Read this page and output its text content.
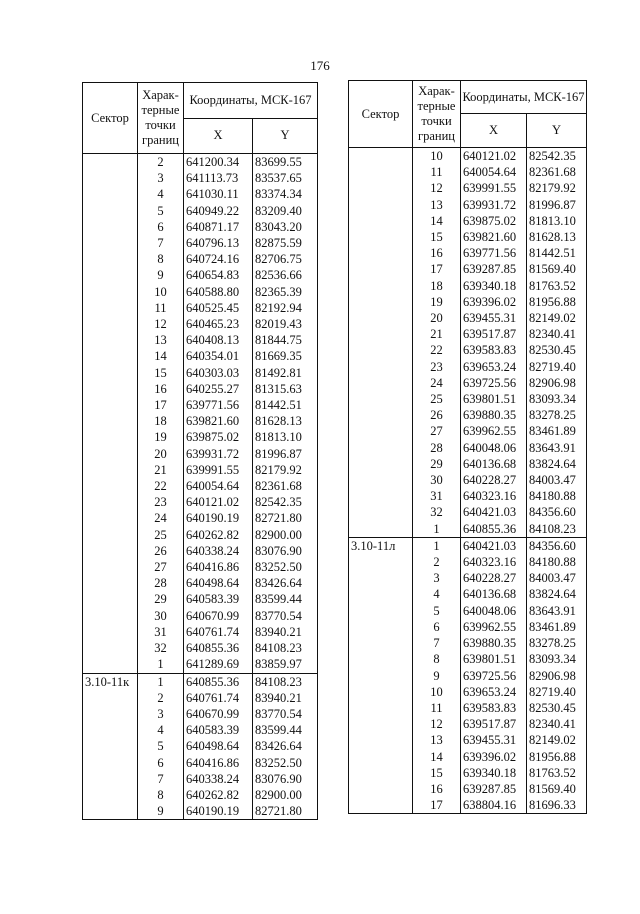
176
Сектор	Харак-терные точки границ	Координаты, МСК-167	
		X	Y
	2	641200.34	83699.55
	3	641113.73	83537.65
	4	641030.11	83374.34
	5	640949.22	83209.40
	6	640871.17	83043.20
	7	640796.13	82875.59
	8	640724.16	82706.75
	9	640654.83	82536.66
	10	640588.80	82365.39
	11	640525.45	82192.94
	12	640465.23	82019.43
	13	640408.13	81844.75
	14	640354.01	81669.35
	15	640303.03	81492.81
	16	640255.27	81315.63
	17	639771.56	81442.51
	18	639821.60	81628.13
	19	639875.02	81813.10
	20	639931.72	81996.87
	21	639991.55	82179.92
	22	640054.64	82361.68
	23	640121.02	82542.35
	24	640190.19	82721.80
	25	640262.82	82900.00
	26	640338.24	83076.90
	27	640416.86	83252.50
	28	640498.64	83426.64
	29	640583.39	83599.44
	30	640670.99	83770.54
	31	640761.74	83940.21
	32	640855.36	84108.23
	1	641289.69	83859.97
3.10-11к	1	640855.36	84108.23
	2	640761.74	83940.21
	3	640670.99	83770.54
	4	640583.39	83599.44
	5	640498.64	83426.64
	6	640416.86	83252.50
	7	640338.24	83076.90
	8	640262.82	82900.00
	9	640190.19	82721.80
Сектор	Харак-терные точки границ	Координаты, МСК-167	
		X	Y
	10	640121.02	82542.35
	11	640054.64	82361.68
	12	639991.55	82179.92
	13	639931.72	81996.87
	14	639875.02	81813.10
	15	639821.60	81628.13
	16	639771.56	81442.51
	17	639287.85	81569.40
	18	639340.18	81763.52
	19	639396.02	81956.88
	20	639455.31	82149.02
	21	639517.87	82340.41
	22	639583.83	82530.45
	23	639653.24	82719.40
	24	639725.56	82906.98
	25	639801.51	83093.34
	26	639880.35	83278.25
	27	639962.55	83461.89
	28	640048.06	83643.91
	29	640136.68	83824.64
	30	640228.27	84003.47
	31	640323.16	84180.88
	32	640421.03	84356.60
	1	640855.36	84108.23
3.10-11л	1	640421.03	84356.60
	2	640323.16	84180.88
	3	640228.27	84003.47
	4	640136.68	83824.64
	5	640048.06	83643.91
	6	639962.55	83461.89
	7	639880.35	83278.25
	8	639801.51	83093.34
	9	639725.56	82906.98
	10	639653.24	82719.40
	11	639583.83	82530.45
	12	639517.87	82340.41
	13	639455.31	82149.02
	14	639396.02	81956.88
	15	639340.18	81763.52
	16	639287.85	81569.40
	17	638804.16	81696.33
